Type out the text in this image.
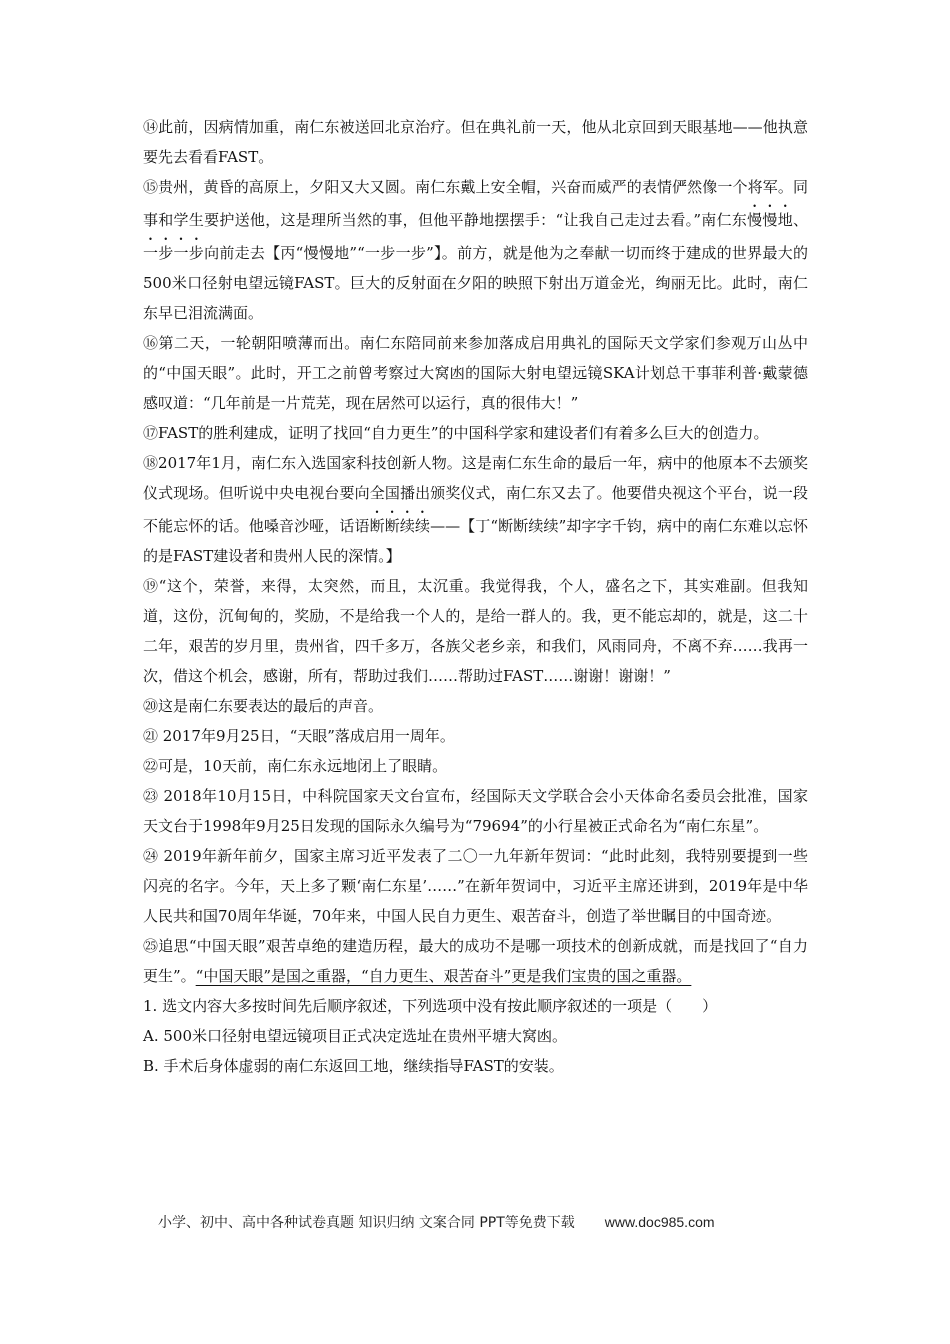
⑭此前，因病情加重，南仁东被送回北京治疗。但在典礼前一天，他从北京回到天眼基地——他执意要先去看看FAST。

⑮贵州，黄昏的高原上，夕阳又大又圆。南仁东戴上安全帽，兴奋而威严的表情俨然像一个将军。同事和学生要护送他，这是理所当然的事，但他平静地摆摆手：“让我自己走过去看。”南仁东慢慢地、一步一步向前走去【丙“慢慢地”“一步一步”】。前方，就是他为之奉献一切而终于建成的世界最大的500米口径射电望远镜FAST。巨大的反射面在夕阳的映照下射出万道金光，绚丽无比。此时，南仁东早已泪流满面。

⑯第二天，一轮朝阳喷薄而出。南仁东陪同前来参加落成启用典礼的国际天文学家们参观万山丛中的“中国天眼”。此时，开工之前曾考察过大窝凼的国际大射电望远镜SKA计划总干事菲利普·戴蒙德感叹道：“几年前是一片荒芜，现在居然可以运行，真的很伟大！”

⑰FAST的胜利建成，证明了找回“自力更生”的中国科学家和建设者们有着多么巨大的创造力。

⑱2017年1月，南仁东入选国家科技创新人物。这是南仁东生命的最后一年，病中的他原本不去颁奖仪式现场。但听说中央电视台要向全国播出颁奖仪式，南仁东又去了。他要借央视这个平台，说一段不能忘怀的话。他嗓音沙哑，话语断断续续——【丁“断断续续”却字字千钧，病中的南仁东难以忘怀的是FAST建设者和贵州人民的深情。】

⑲“这个，荣誉，来得，太突然，而且，太沉重。我觉得我，个人，盛名之下，其实难副。但我知道，这份，沉甸甸的，奖励，不是给我一个人的，是给一群人的。我，更不能忘却的，就是，这二十二年，艰苦的岁月里，贵州省，四千多万，各族父老乡亲，和我们，风雨同舟，不离不弃……我再一次，借这个机会，感谢，所有，帮助过我们……帮助过FAST……谢谢！谢谢！”

⑳这是南仁东要表达的最后的声音。

㉑ 2017年9月25日，“天眼”落成启用一周年。

㉒可是，10天前，南仁东永远地闭上了眼睛。

㉓ 2018年10月15日，中科院国家天文台宣布，经国际天文学联合会小天体命名委员会批准，国家天文台于1998年9月25日发现的国际永久编号为“79694”的小行星被正式命名为“南仁东星”。

㉔ 2019年新年前夕，国家主席习近平发表了二〇一九年新年贺词：“此时此刻，我特别要提到一些闪亮的名字。今年，天上多了颗‘南仁东星’……”在新年贺词中，习近平主席还讲到，2019年是中华人民共和国70周年华诞，70年来，中国人民自力更生、艰苦奋斗，创造了举世瞩目的中国奇迹。

㉕追思“中国天眼”艰苦卓绝的建造历程，最大的成功不是哪一项技术的创新成就，而是找回了“自力更生”。“中国天眼”是国之重器，“自力更生、艰苦奋斗”更是我们宝贵的国之重器。

1. 选文内容大多按时间先后顺序叙述，下列选项中没有按此顺序叙述的一项是（　　）

A. 500米口径射电望远镜项目正式决定选址在贵州平塘大窝凼。

B. 手术后身体虚弱的南仁东返回工地，继续指导FAST的安装。

小学、初中、高中各种试卷真题 知识归纳 文案合同 PPT等免费下载 www.doc985.com
